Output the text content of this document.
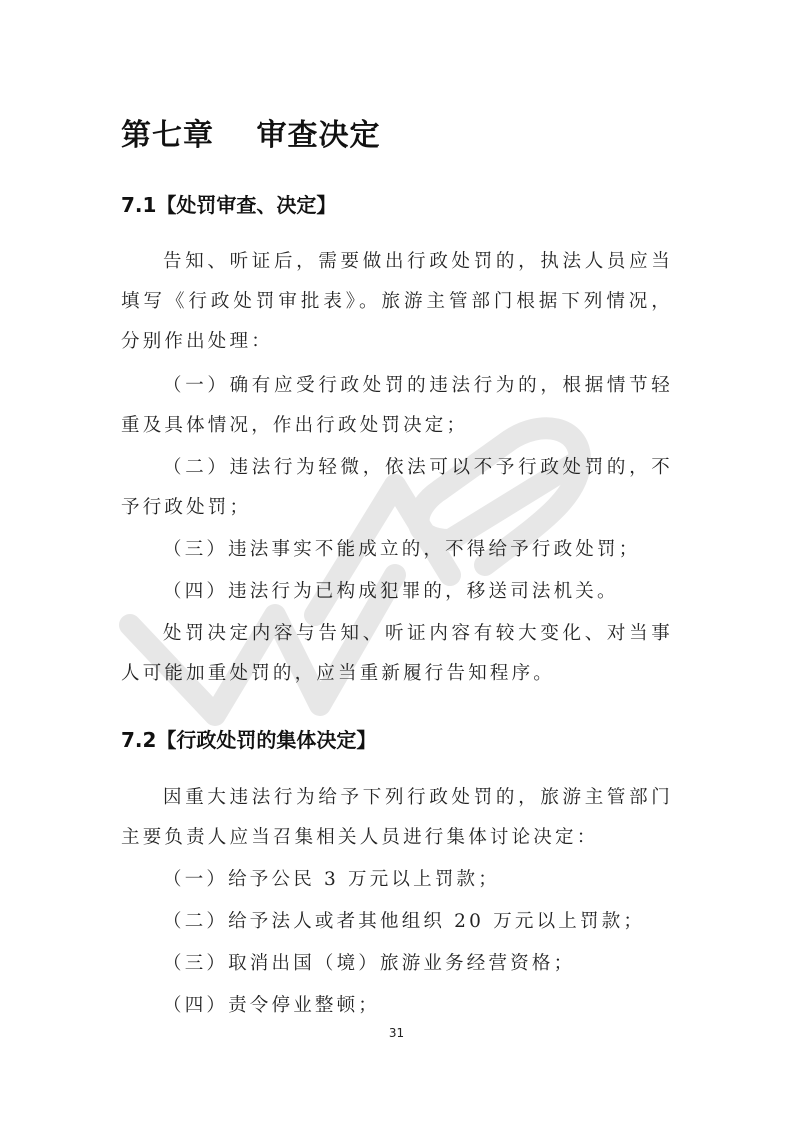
第七章　 审查决定
7.1【处罚审查、决定】

告知、听证后，需要做出行政处罚的，执法人员应当填写《行政处罚审批表》。旅游主管部门根据下列情况，分别作出处理：

（一）确有应受行政处罚的违法行为的，根据情节轻重及具体情况，作出行政处罚决定；

（二）违法行为轻微，依法可以不予行政处罚的，不予行政处罚；

（三）违法事实不能成立的，不得给予行政处罚；

（四）违法行为已构成犯罪的，移送司法机关。

处罚决定内容与告知、听证内容有较大变化、对当事人可能加重处罚的，应当重新履行告知程序。

7.2【行政处罚的集体决定】

因重大违法行为给予下列行政处罚的，旅游主管部门主要负责人应当召集相关人员进行集体讨论决定：

（一）给予公民 3 万元以上罚款；

（二）给予法人或者其他组织 20 万元以上罚款；

（三）取消出国（境）旅游业务经营资格；

（四）责令停业整顿；

31
